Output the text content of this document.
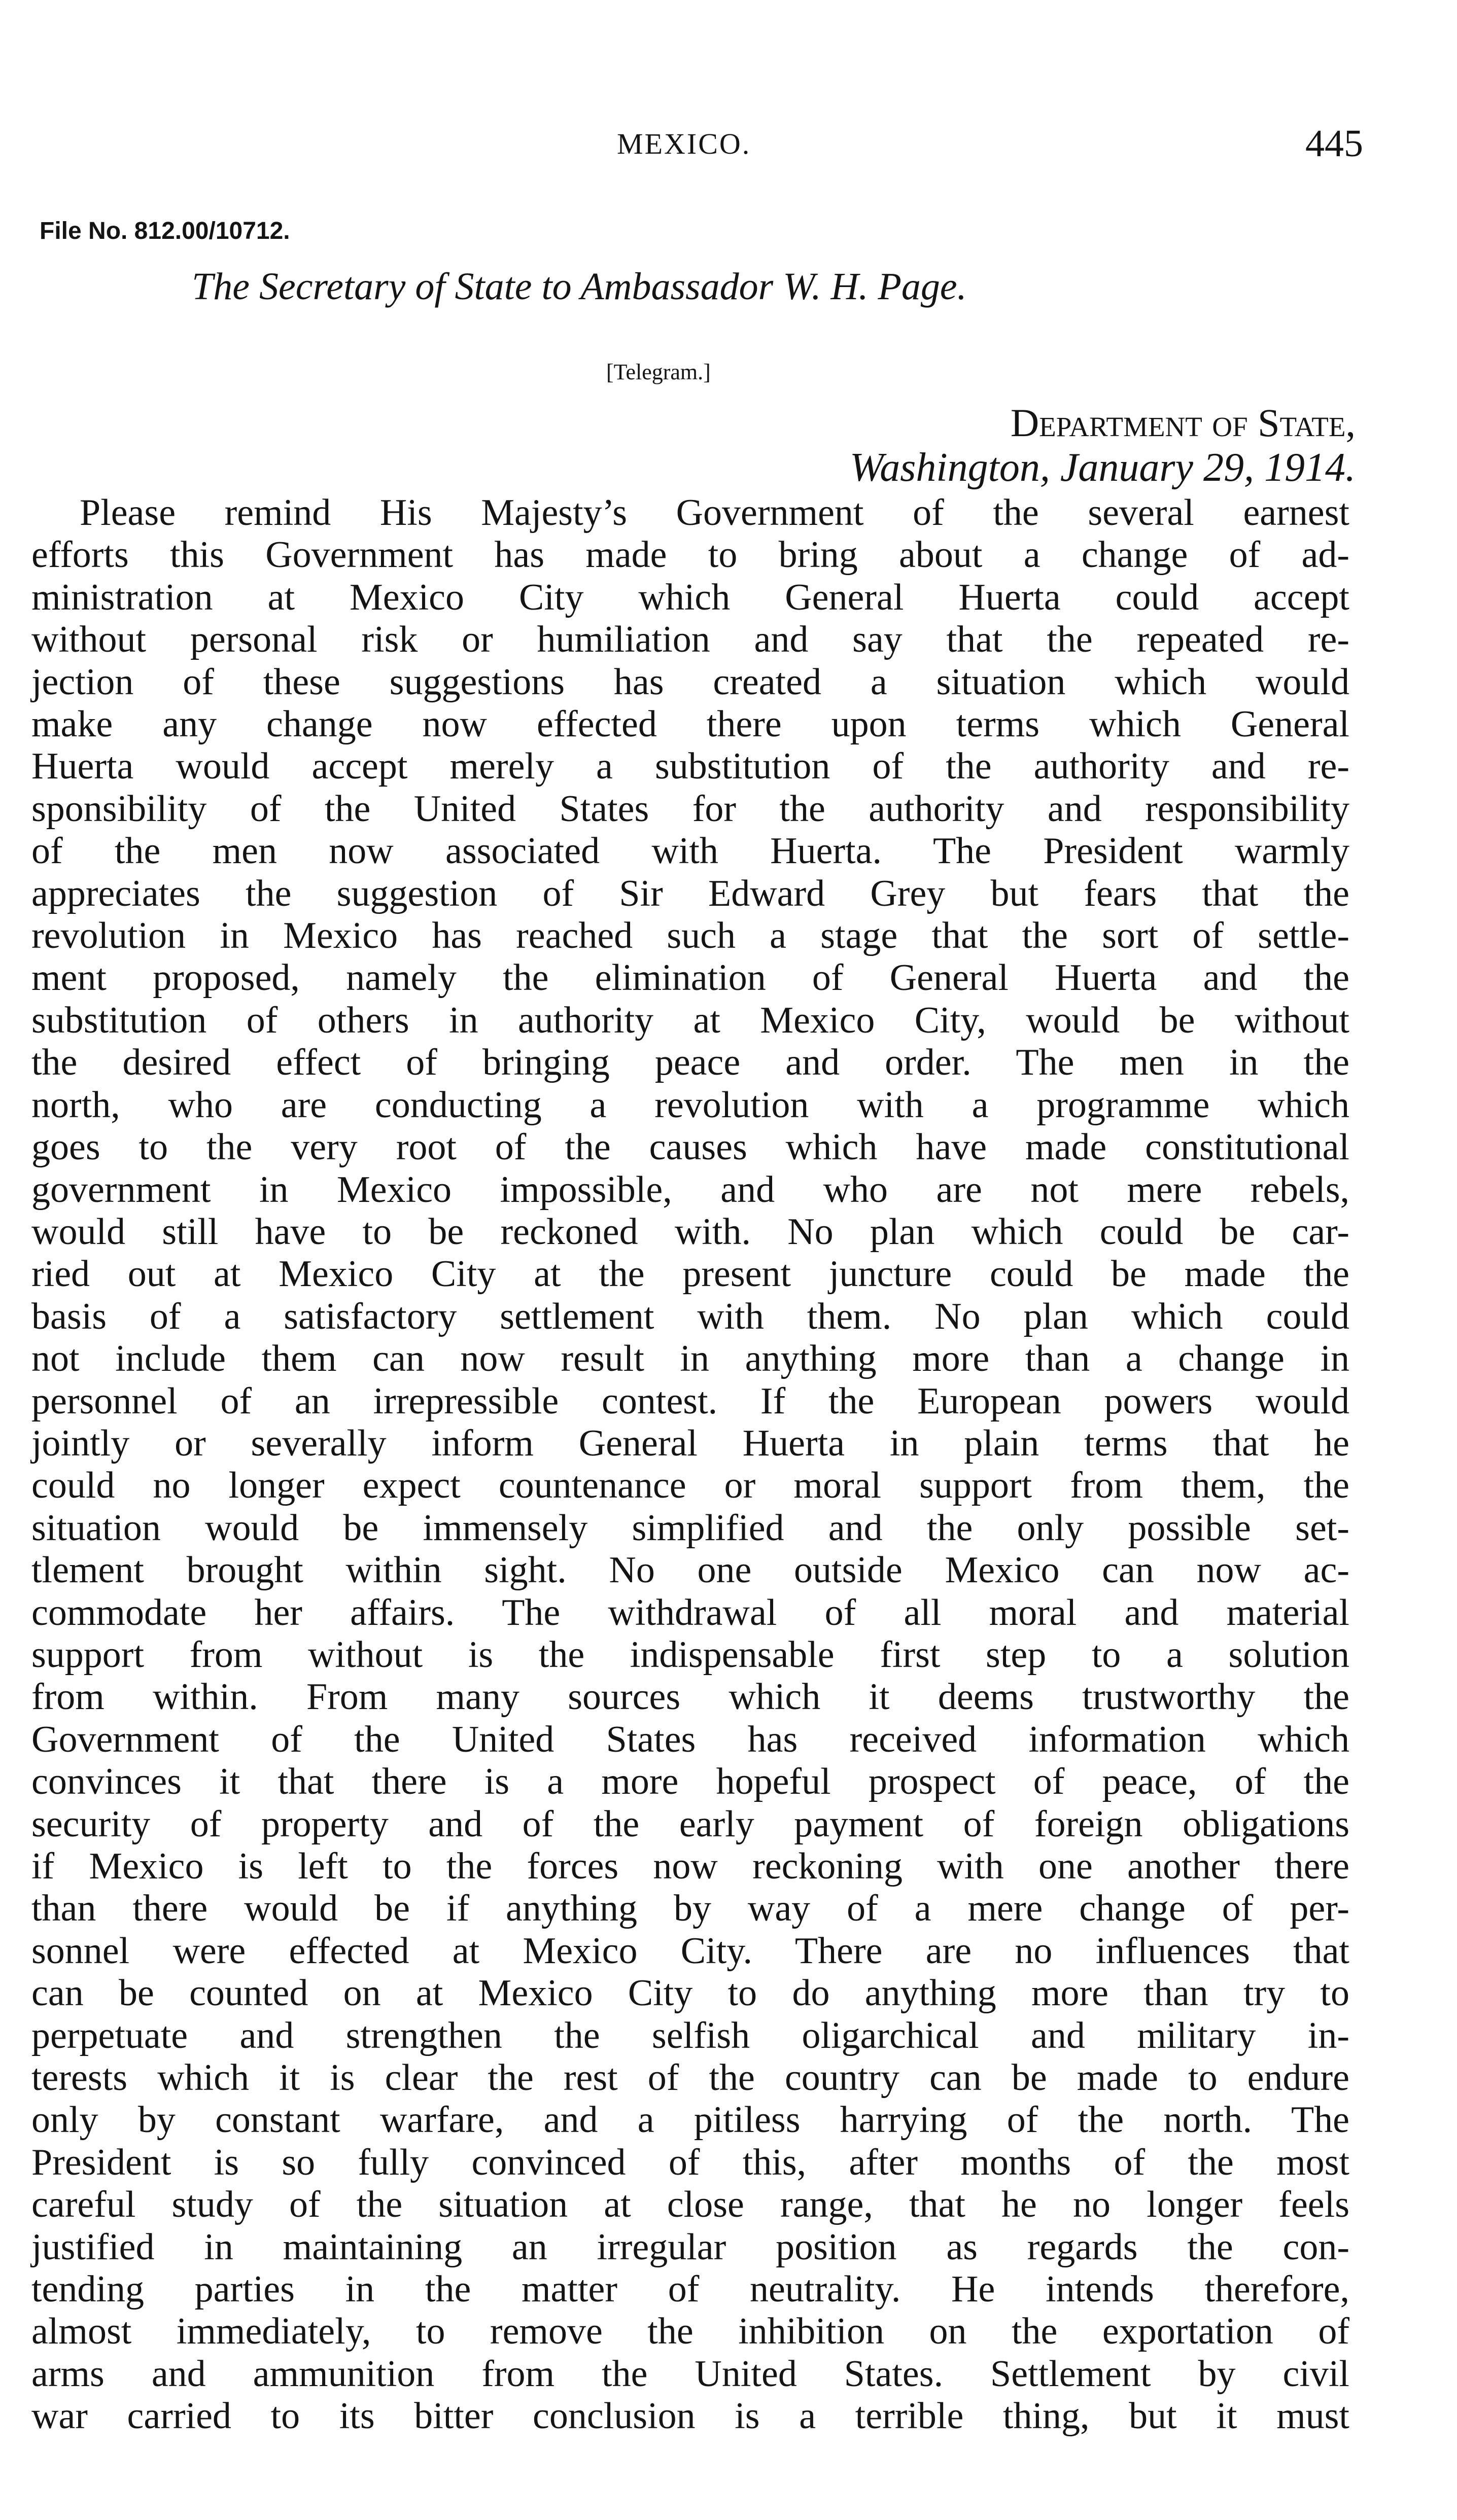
MEXICO.	445
File No. 812.00/10712.
The Secretary of State to Ambassador W. H. Page.
[Telegram.]
Department of State,
Washington, January 29, 1914.

Please remind His Majesty’s Government of the several earnest
efforts this Government has made to bring about a change of ad-
ministration at Mexico City which General Huerta could accept
without personal risk or humiliation and say that the repeated re-
jection of these suggestions has created a situation which would
make any change now effected there upon terms which General
Huerta would accept merely a substitution of the authority and re-
sponsibility of the United States for the authority and responsibility
of the men now associated with Huerta. The President warmly
appreciates the suggestion of Sir Edward Grey but fears that the
revolution in Mexico has reached such a stage that the sort of settle-
ment proposed, namely the elimination of General Huerta and the
substitution of others in authority at Mexico City, would be without
the desired effect of bringing peace and order. The men in the
north, who are conducting a revolution with a programme which
goes to the very root of the causes which have made constitutional
government in Mexico impossible, and who are not mere rebels,
would still have to be reckoned with. No plan which could be car-
ried out at Mexico City at the present juncture could be made the
basis of a satisfactory settlement with them. No plan which could
not include them can now result in anything more than a change in
personnel of an irrepressible contest. If the European powers would
jointly or severally inform General Huerta in plain terms that he
could no longer expect countenance or moral support from them, the
situation would be immensely simplified and the only possible set-
tlement brought within sight. No one outside Mexico can now ac-
commodate her affairs. The withdrawal of all moral and material
support from without is the indispensable first step to a solution
from within. From many sources which it deems trustworthy the
Government of the United States has received information which
convinces it that there is a more hopeful prospect of peace, of the
security of property and of the early payment of foreign obligations
if Mexico is left to the forces now reckoning with one another there
than there would be if anything by way of a mere change of per-
sonnel were effected at Mexico City. There are no influences that
can be counted on at Mexico City to do anything more than try to
perpetuate and strengthen the selfish oligarchical and military in-
terests which it is clear the rest of the country can be made to endure
only by constant warfare, and a pitiless harrying of the north. The
President is so fully convinced of this, after months of the most
careful study of the situation at close range, that he no longer feels
justified in maintaining an irregular position as regards the con-
tending parties in the matter of neutrality. He intends therefore,
almost immediately, to remove the inhibition on the exportation of
arms and ammunition from the United States. Settlement by civil
war carried to its bitter conclusion is a terrible thing, but it must
